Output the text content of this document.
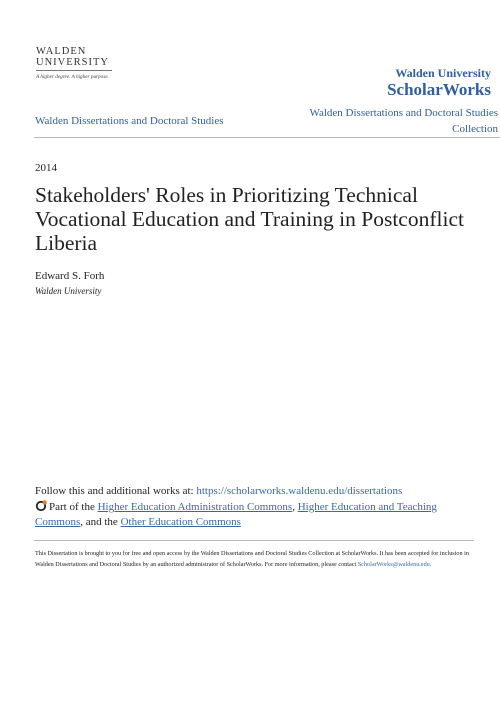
WALDEN
UNIVERSITY
A higher degree. A higher purpose.	Walden University
ScholarWorks
Walden Dissertations and Doctoral Studies
Walden Dissertations and Doctoral Studies
Collection
2014
Stakeholders' Roles in Prioritizing Technical Vocational Education and Training in Postconflict Liberia
Edward S. Forh
Walden University
Follow this and additional works at: https://scholarworks.waldenu.edu/dissertations
Part of the Higher Education Administration Commons, Higher Education and Teaching Commons, and the Other Education Commons
This Dissertation is brought to you for free and open access by the Walden Dissertations and Doctoral Studies Collection at ScholarWorks. It has been accepted for inclusion in Walden Dissertations and Doctoral Studies by an authorized administrator of ScholarWorks. For more information, please contact ScholarWorks@waldenu.edu.
